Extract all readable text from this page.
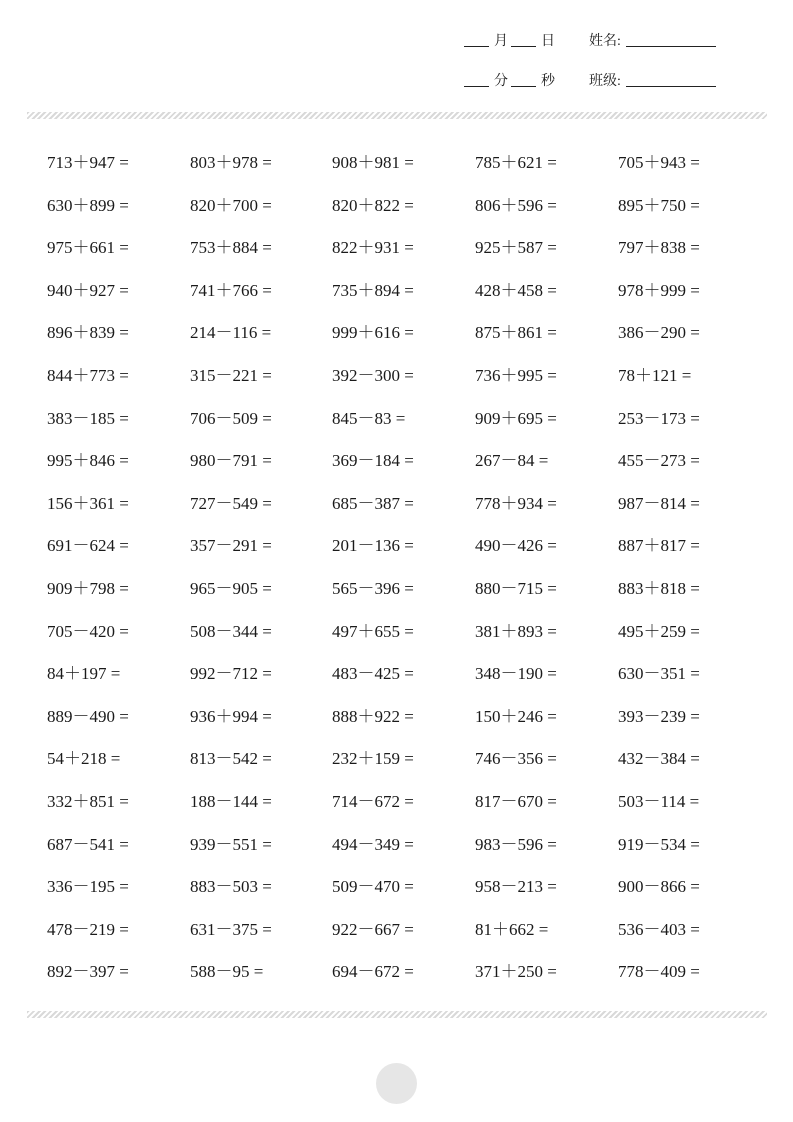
月 日 姓名:
分 秒 班级:
713＋947 =	803＋978 =	908＋981 =	785＋621 =	705＋943 =
630＋899 =	820＋700 =	820＋822 =	806＋596 =	895＋750 =
975＋661 =	753＋884 =	822＋931 =	925＋587 =	797＋838 =
940＋927 =	741＋766 =	735＋894 =	428＋458 =	978＋999 =
896＋839 =	214－116 =	999＋616 =	875＋861 =	386－290 =
844＋773 =	315－221 =	392－300 =	736＋995 =	78＋121 =
383－185 =	706－509 =	845－83 =	909＋695 =	253－173 =
995＋846 =	980－791 =	369－184 =	267－84 =	455－273 =
156＋361 =	727－549 =	685－387 =	778＋934 =	987－814 =
691－624 =	357－291 =	201－136 =	490－426 =	887＋817 =
909＋798 =	965－905 =	565－396 =	880－715 =	883＋818 =
705－420 =	508－344 =	497＋655 =	381＋893 =	495＋259 =
84＋197 =	992－712 =	483－425 =	348－190 =	630－351 =
889－490 =	936＋994 =	888＋922 =	150＋246 =	393－239 =
54＋218 =	813－542 =	232＋159 =	746－356 =	432－384 =
332＋851 =	188－144 =	714－672 =	817－670 =	503－114 =
687－541 =	939－551 =	494－349 =	983－596 =	919－534 =
336－195 =	883－503 =	509－470 =	958－213 =	900－866 =
478－219 =	631－375 =	922－667 =	81＋662 =	536－403 =
892－397 =	588－95 =	694－672 =	371＋250 =	778－409 =
